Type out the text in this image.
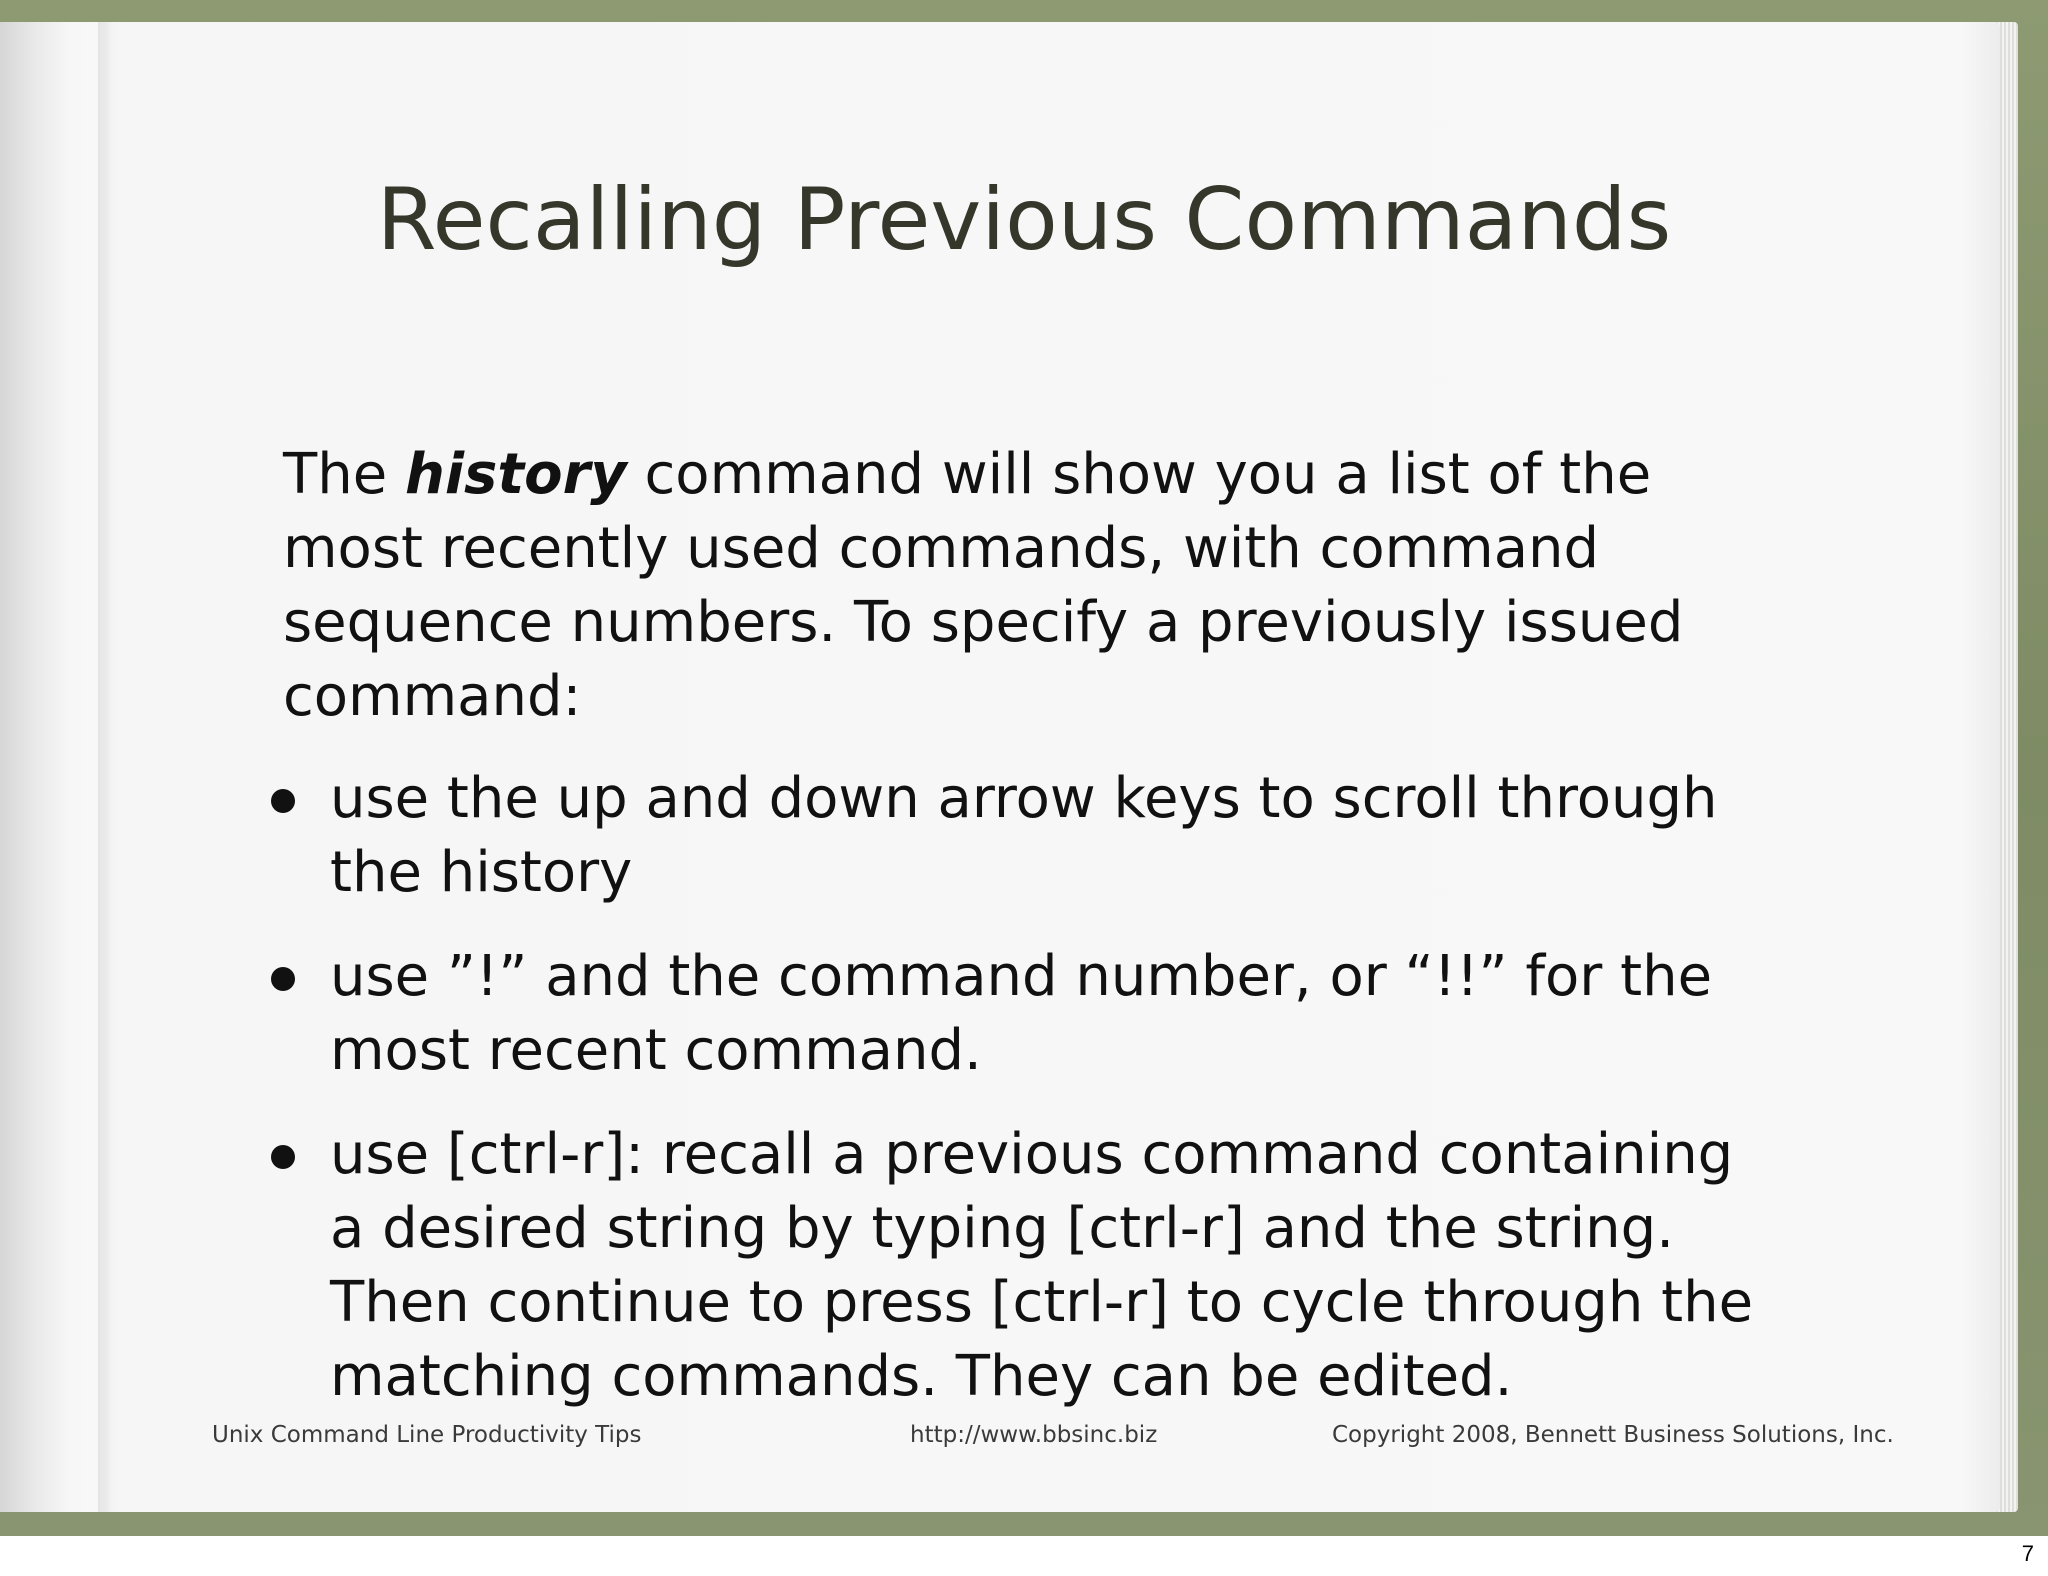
Recalling Previous Commands

The history command will show you a list of the most recently used commands, with command sequence numbers. To specify a previously issued command:

use the up and down arrow keys to scroll through the history
use ”!” and the command number, or “!!” for the most recent command.
use [ctrl-r]: recall a previous command containing a desired string by typing [ctrl-r] and the string. Then continue to press [ctrl-r] to cycle through the matching commands. They can be edited.
Unix Command Line Productivity Tips	http://www.bbsinc.biz	Copyright 2008, Bennett Business Solutions, Inc.
7
